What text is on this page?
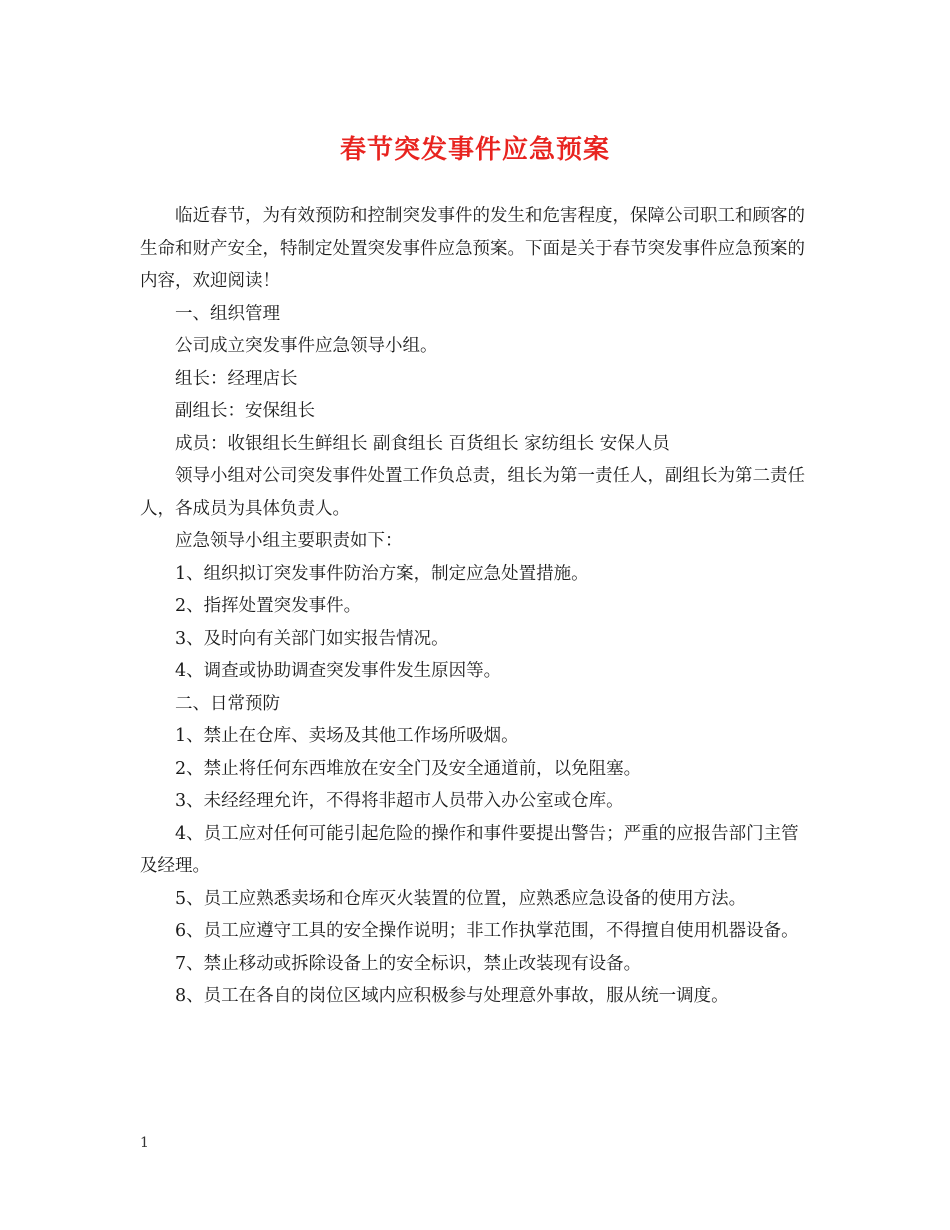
春节突发事件应急预案

临近春节，为有效预防和控制突发事件的发生和危害程度，保障公司职工和顾客的生命和财产安全，特制定处置突发事件应急预案。下面是关于春节突发事件应急预案的内容，欢迎阅读！

一、组织管理

公司成立突发事件应急领导小组。

组长：经理店长

副组长：安保组长

成员：收银组长生鲜组长 副食组长 百货组长 家纺组长 安保人员

领导小组对公司突发事件处置工作负总责，组长为第一责任人，副组长为第二责任人，各成员为具体负责人。

应急领导小组主要职责如下：

1、组织拟订突发事件防治方案，制定应急处置措施。

2、指挥处置突发事件。

3、及时向有关部门如实报告情况。

4、调查或协助调查突发事件发生原因等。

二、日常预防

1、禁止在仓库、卖场及其他工作场所吸烟。

2、禁止将任何东西堆放在安全门及安全通道前，以免阻塞。

3、未经经理允许，不得将非超市人员带入办公室或仓库。

4、员工应对任何可能引起危险的操作和事件要提出警告；严重的应报告部门主管及经理。

5、员工应熟悉卖场和仓库灭火装置的位置，应熟悉应急设备的使用方法。

6、员工应遵守工具的安全操作说明；非工作执掌范围，不得擅自使用机器设备。

7、禁止移动或拆除设备上的安全标识，禁止改装现有设备。

8、员工在各自的岗位区域内应积极参与处理意外事故，服从统一调度。

1
